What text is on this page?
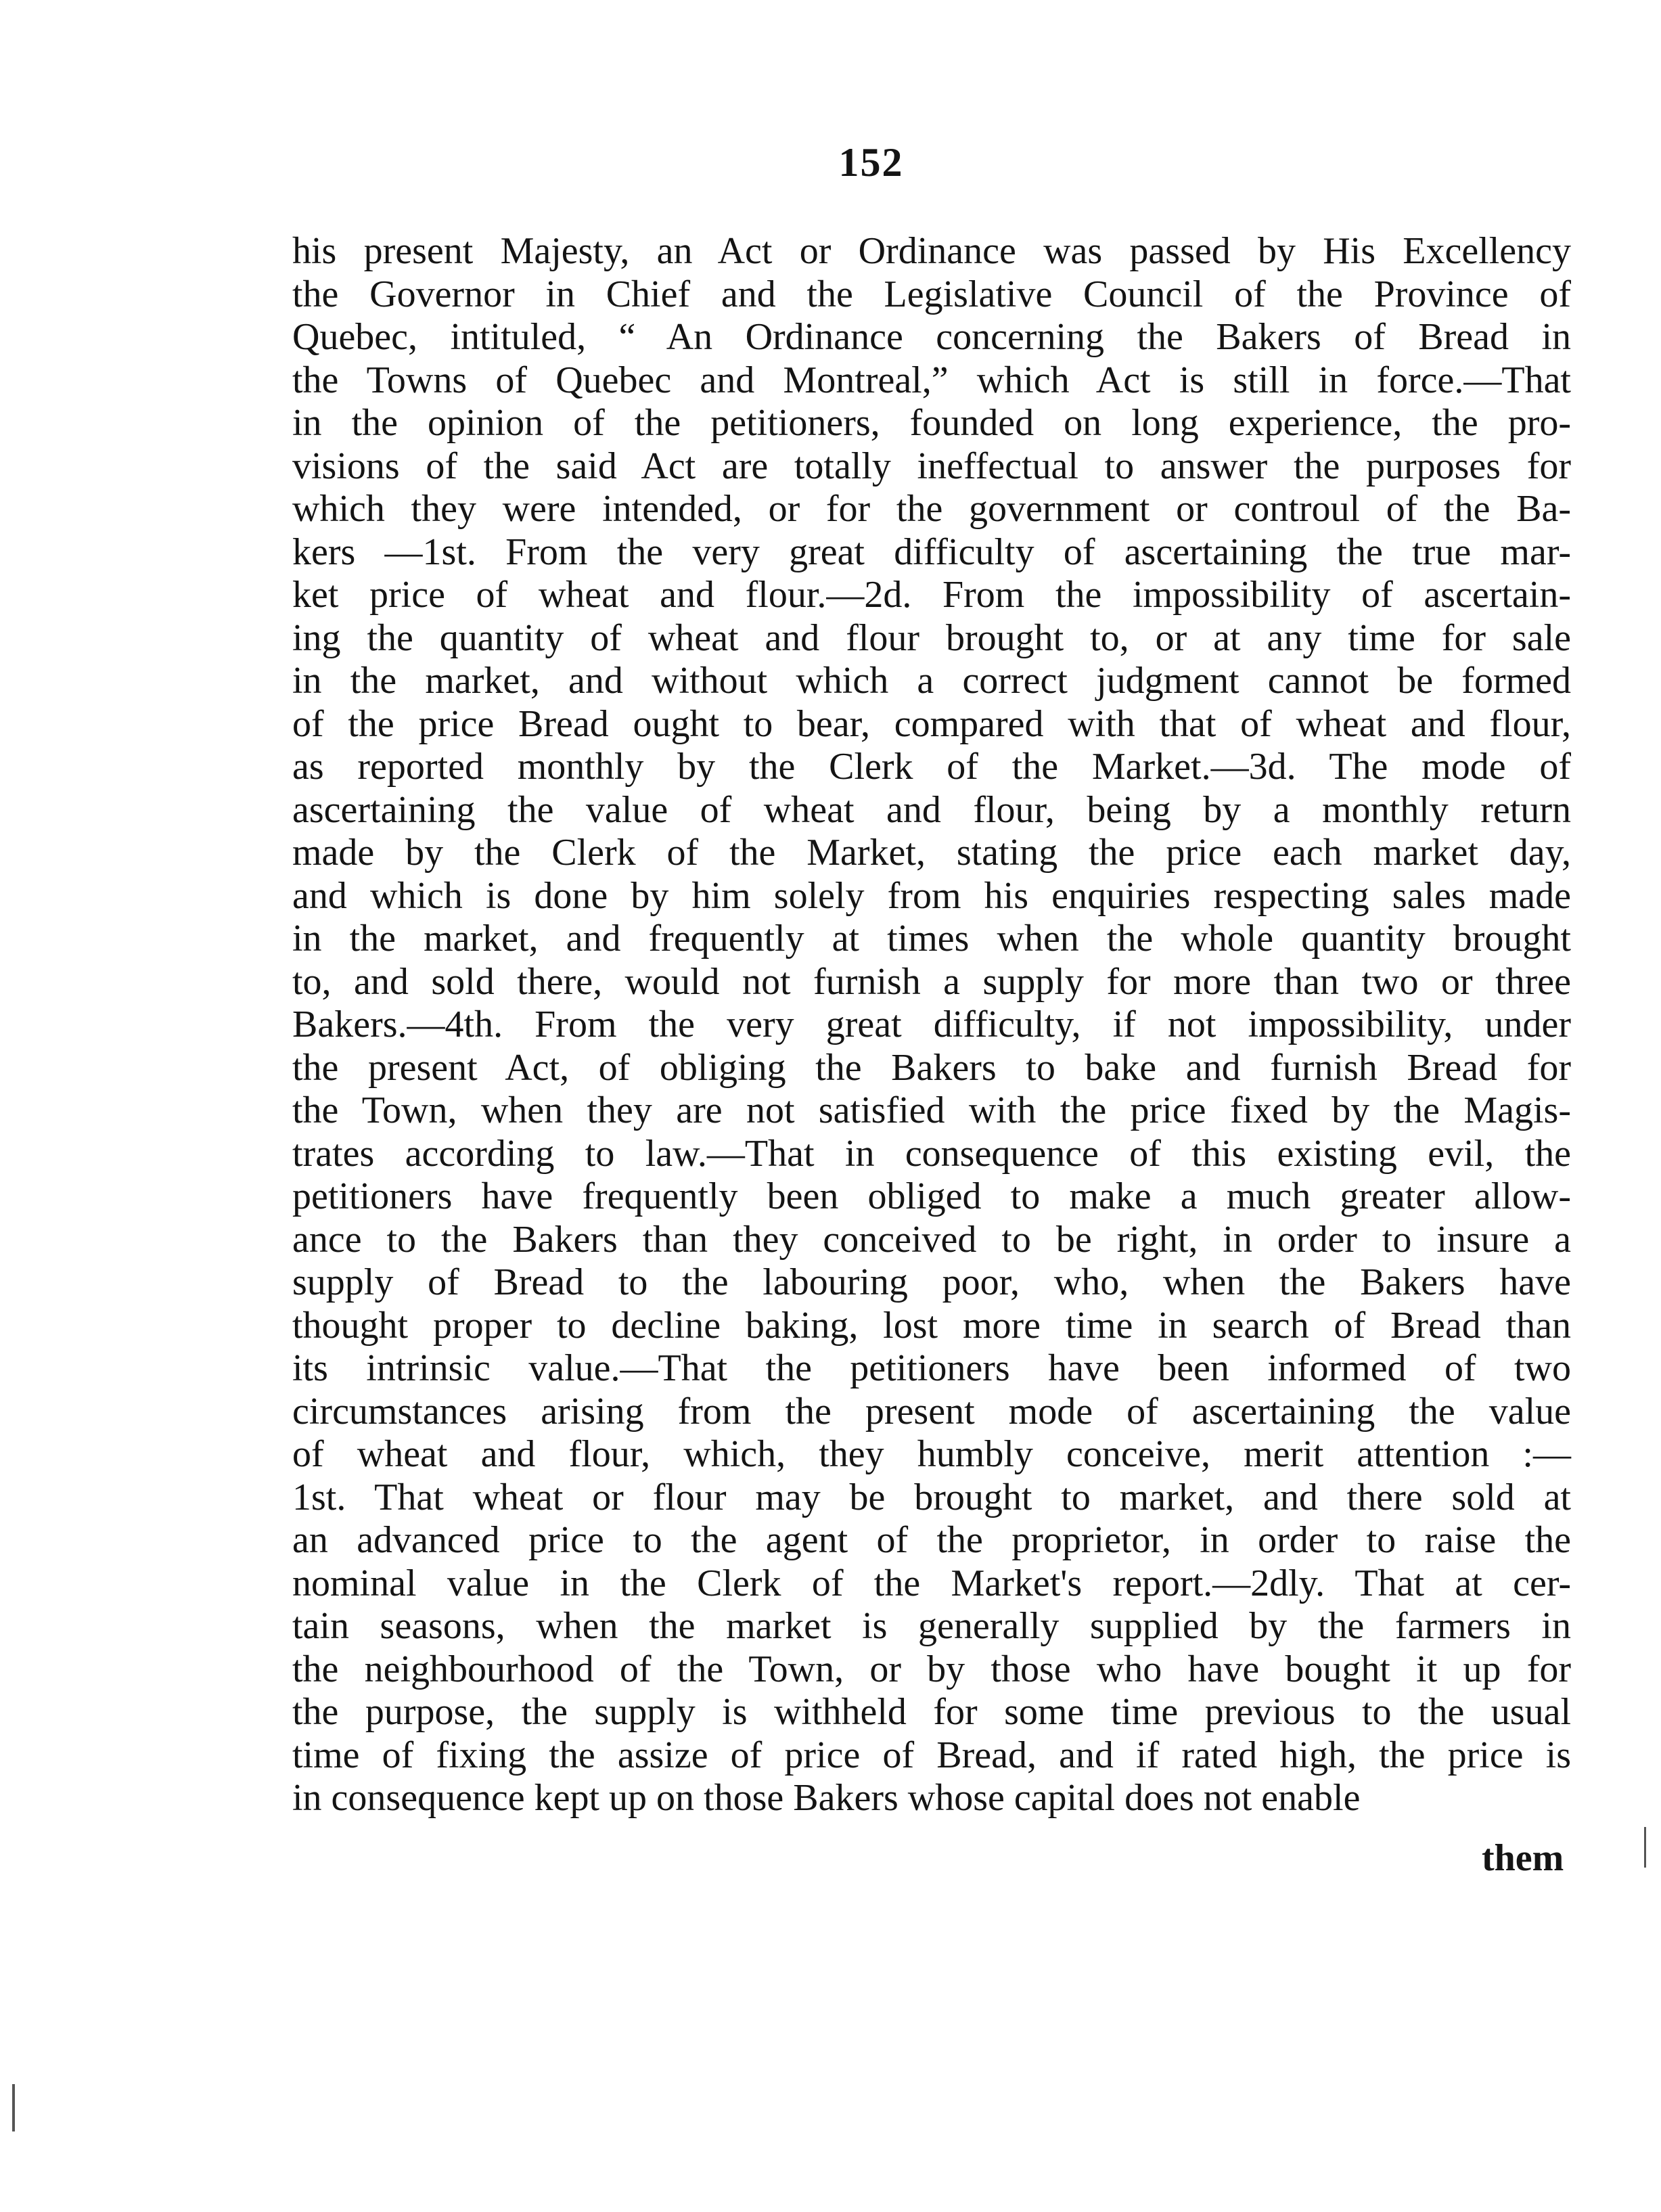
152
his present Majesty, an Act or Ordinance was passed by His Excellency
the Governor in Chief and the Legislative Council of the Province of
Quebec, intituled, “ An Ordinance concerning the Bakers of Bread in
the Towns of Quebec and Montreal,” which Act is still in force.—That
in the opinion of the petitioners, founded on long experience, the pro-
visions of the said Act are totally ineffectual to answer the purposes for
which they were intended, or for the government or controul of the Ba-
kers —1st. From the very great difficulty of ascertaining the true mar-
ket price of wheat and flour.—2d. From the impossibility of ascertain-
ing the quantity of wheat and flour brought to, or at any time for sale
in the market, and without which a correct judgment cannot be formed
of the price Bread ought to bear, compared with that of wheat and flour,
as reported monthly by the Clerk of the Market.—3d. The mode of
ascertaining the value of wheat and flour, being by a monthly return
made by the Clerk of the Market, stating the price each market day,
and which is done by him solely from his enquiries respecting sales made
in the market, and frequently at times when the whole quantity brought
to, and sold there, would not furnish a supply for more than two or three
Bakers.—4th. From the very great difficulty, if not impossibility, under
the present Act, of obliging the Bakers to bake and furnish Bread for
the Town, when they are not satisfied with the price fixed by the Magis-
trates according to law.—That in consequence of this existing evil, the
petitioners have frequently been obliged to make a much greater allow-
ance to the Bakers than they conceived to be right, in order to insure a
supply of Bread to the labouring poor, who, when the Bakers have
thought proper to decline baking, lost more time in search of Bread than
its intrinsic value.—That the petitioners have been informed of two
circumstances arising from the present mode of ascertaining the value
of wheat and flour, which, they humbly conceive, merit attention :—
1st. That wheat or flour may be brought to market, and there sold at
an advanced price to the agent of the proprietor, in order to raise the
nominal value in the Clerk of the Market's report.—2dly. That at cer-
tain seasons, when the market is generally supplied by the farmers in
the neighbourhood of the Town, or by those who have bought it up for
the purpose, the supply is withheld for some time previous to the usual
time of fixing the assize of price of Bread, and if rated high, the price is
in consequence kept up on those Bakers whose capital does not enable
them
